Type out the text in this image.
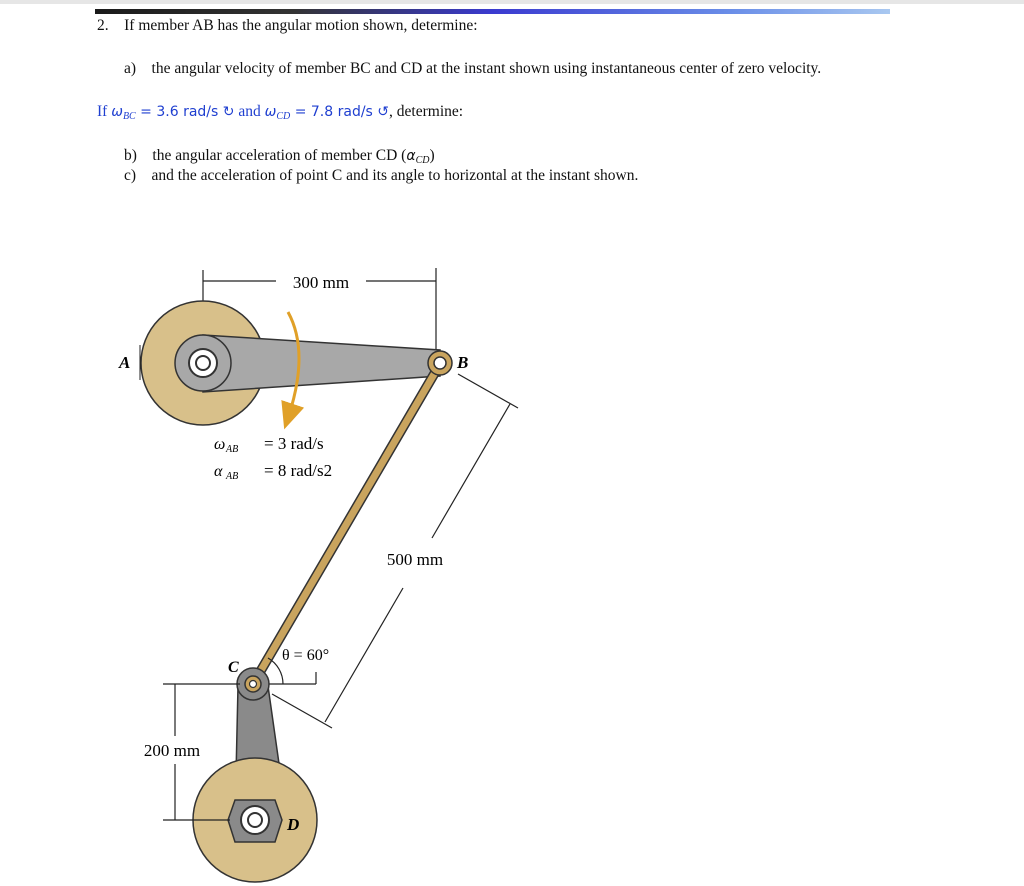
2. If member AB has the angular motion shown, determine:
a) the angular velocity of member BC and CD at the instant shown using instantaneous center of zero velocity.
If $\omega_{BC} = 3.6$ rad/s ↻ and $\omega_{CD} = 7.8$ rad/s ↺, determine:
b) the angular acceleration of member CD $(\alpha_{CD})$
c) and the acceleration of point C and its angle to horizontal at the instant shown.
300 mm
500 mm
θ = 60°
200 mm
A	B
C
D
ω AB = 3 rad/s
α AB = 8 rad/s2
